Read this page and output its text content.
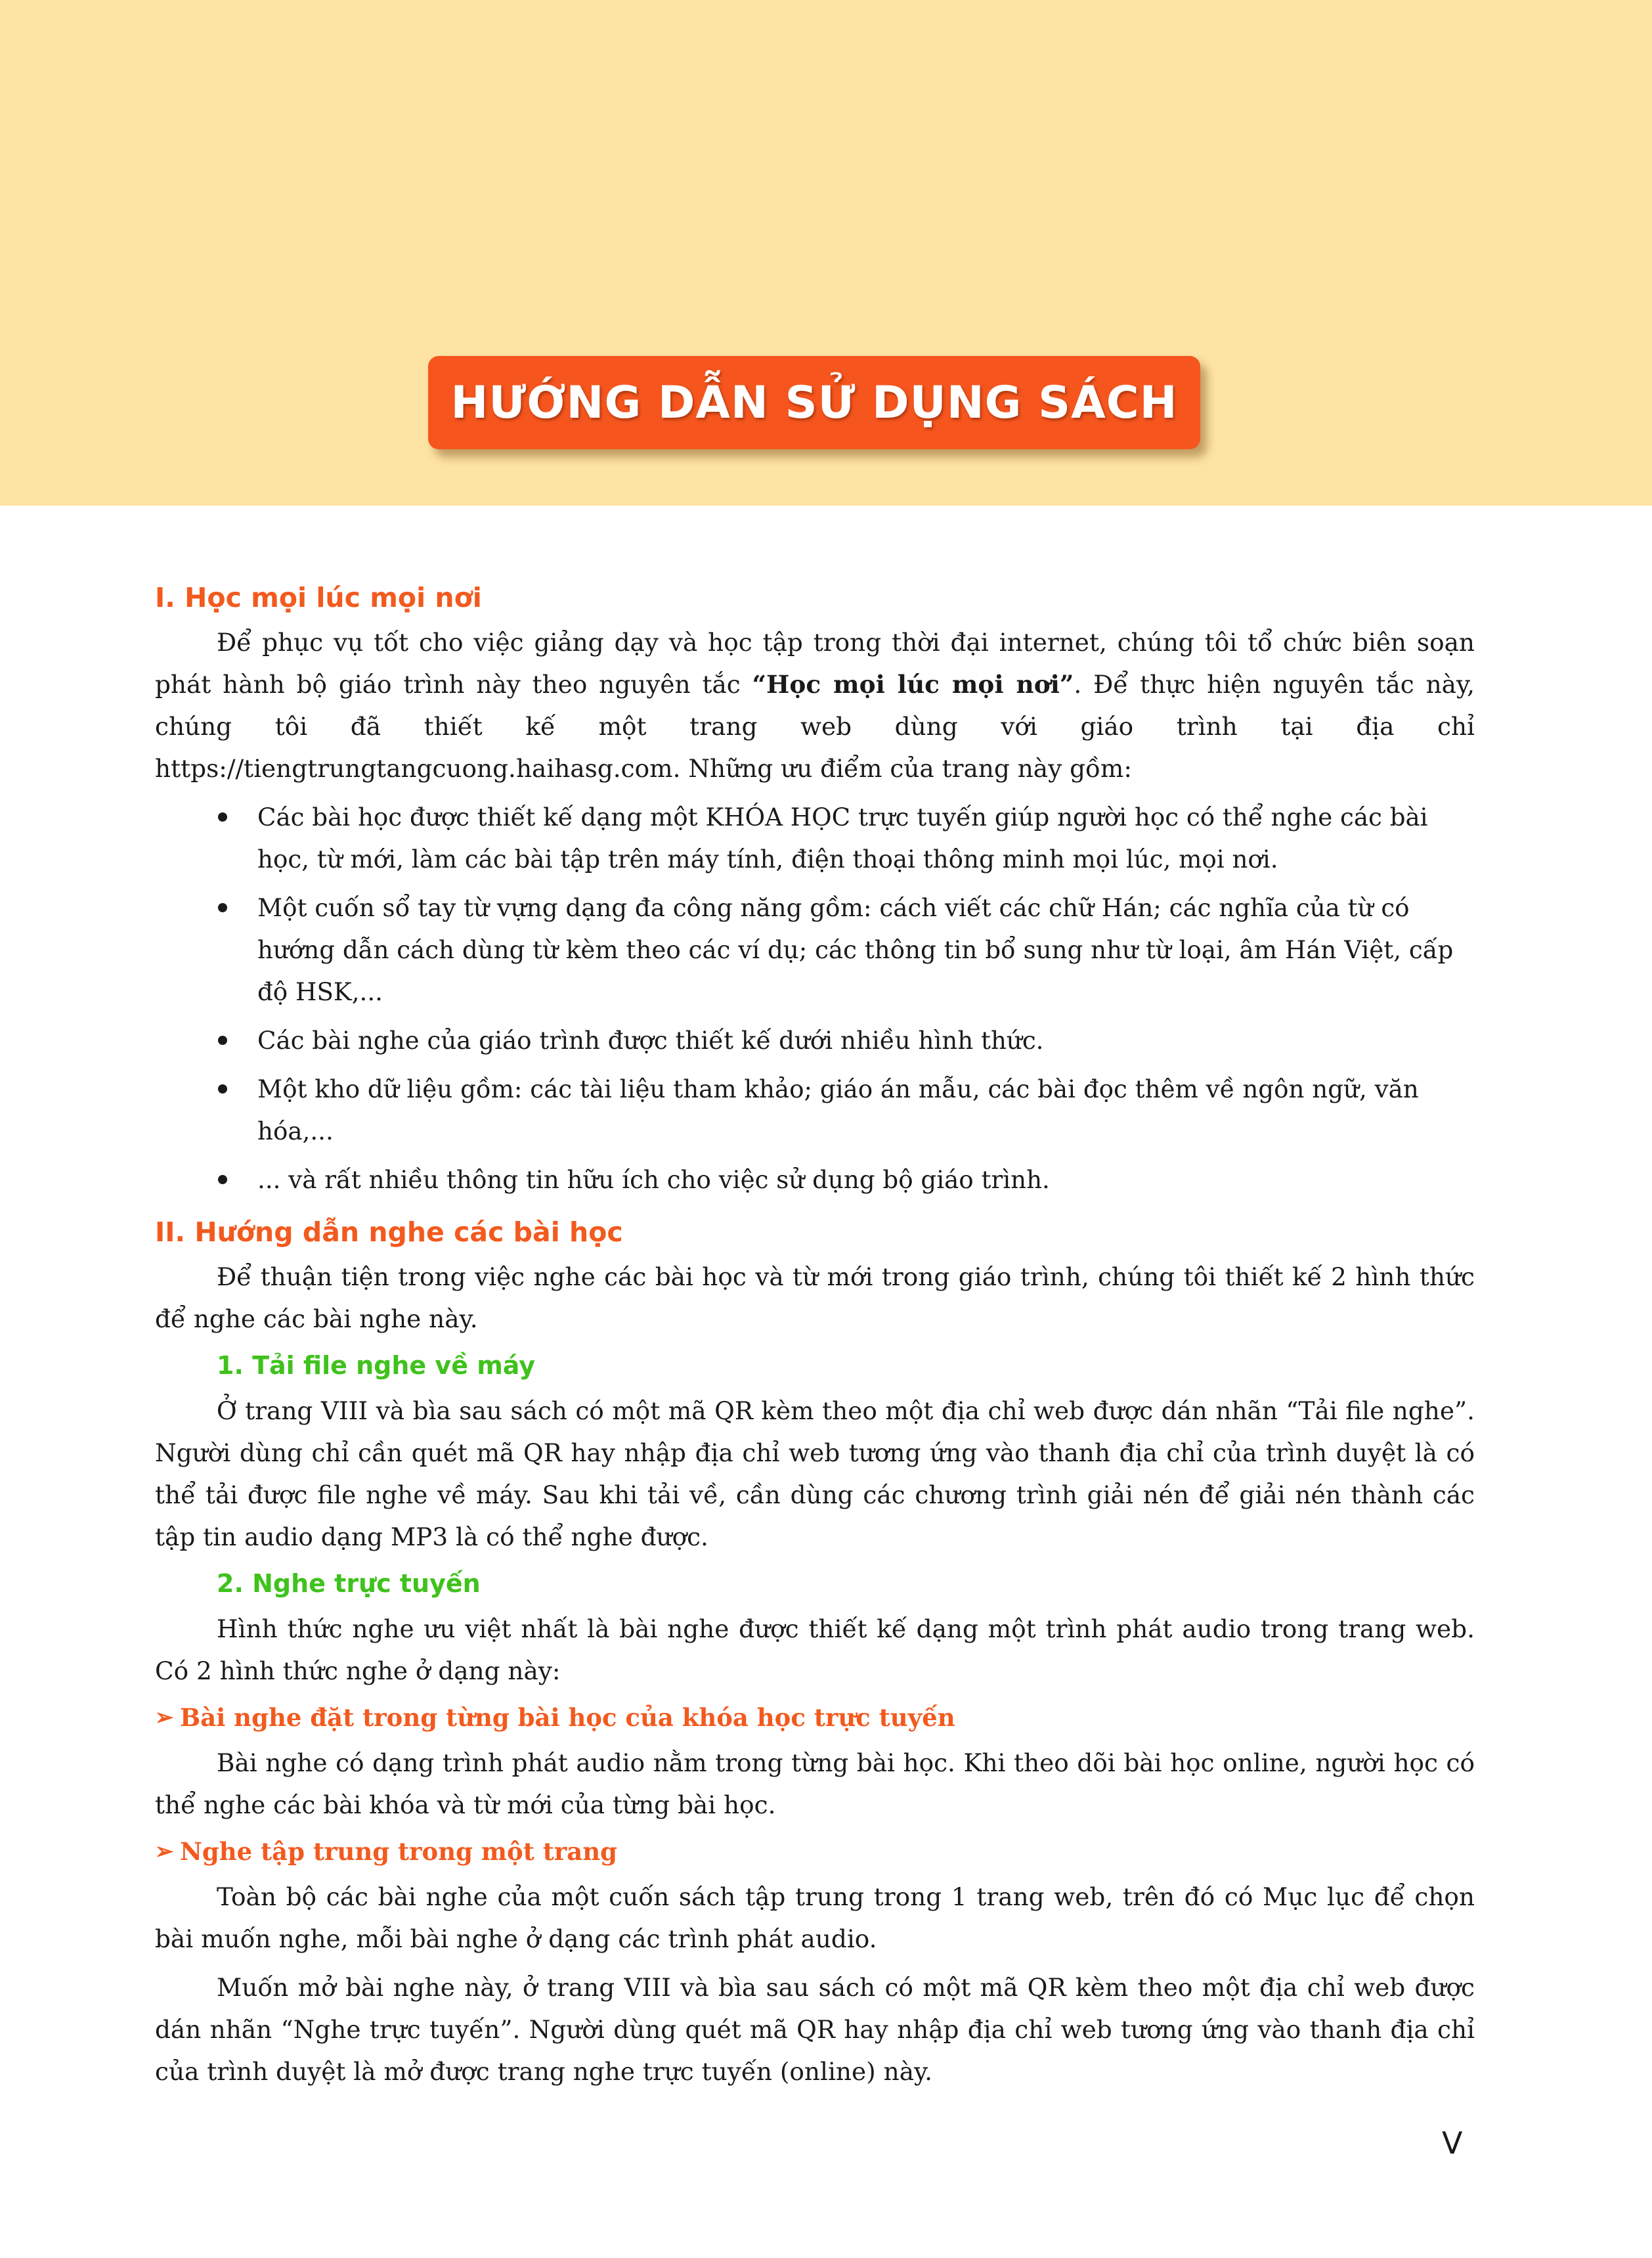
HƯỚNG DẪN SỬ DỤNG SÁCH
I. Học mọi lúc mọi nơi

Để phục vụ tốt cho việc giảng dạy và học tập trong thời đại internet, chúng tôi tổ chức biên soạn phát hành bộ giáo trình này theo nguyên tắc “Học mọi lúc mọi nơi”. Để thực hiện nguyên tắc này, chúng tôi đã thiết kế một trang web dùng với giáo trình tại địa chỉ https://tiengtrungtangcuong.haihasg.com. Những ưu điểm của trang này gồm:

Các bài học được thiết kế dạng một KHÓA HỌC trực tuyến giúp người học có thể nghe các bài học, từ mới, làm các bài tập trên máy tính, điện thoại thông minh mọi lúc, mọi nơi.
Một cuốn sổ tay từ vựng dạng đa công năng gồm: cách viết các chữ Hán; các nghĩa của từ có hướng dẫn cách dùng từ kèm theo các ví dụ; các thông tin bổ sung như từ loại, âm Hán Việt, cấp độ HSK,...
Các bài nghe của giáo trình được thiết kế dưới nhiều hình thức.
Một kho dữ liệu gồm: các tài liệu tham khảo; giáo án mẫu, các bài đọc thêm về ngôn ngữ, văn hóa,...
... và rất nhiều thông tin hữu ích cho việc sử dụng bộ giáo trình.
II. Hướng dẫn nghe các bài học

Để thuận tiện trong việc nghe các bài học và từ mới trong giáo trình, chúng tôi thiết kế 2 hình thức để nghe các bài nghe này.

1. Tải file nghe về máy

Ở trang VIII và bìa sau sách có một mã QR kèm theo một địa chỉ web được dán nhãn “Tải file nghe”. Người dùng chỉ cần quét mã QR hay nhập địa chỉ web tương ứng vào thanh địa chỉ của trình duyệt là có thể tải được file nghe về máy. Sau khi tải về, cần dùng các chương trình giải nén để giải nén thành các tập tin audio dạng MP3 là có thể nghe được.

2. Nghe trực tuyến

Hình thức nghe ưu việt nhất là bài nghe được thiết kế dạng một trình phát audio trong trang web. Có 2 hình thức nghe ở dạng này:

➢ Bài nghe đặt trong từng bài học của khóa học trực tuyến

Bài nghe có dạng trình phát audio nằm trong từng bài học. Khi theo dõi bài học online, người học có thể nghe các bài khóa và từ mới của từng bài học.

➢ Nghe tập trung trong một trang

Toàn bộ các bài nghe của một cuốn sách tập trung trong 1 trang web, trên đó có Mục lục để chọn bài muốn nghe, mỗi bài nghe ở dạng các trình phát audio.

Muốn mở bài nghe này, ở trang VIII và bìa sau sách có một mã QR kèm theo một địa chỉ web được dán nhãn “Nghe trực tuyến”. Người dùng quét mã QR hay nhập địa chỉ web tương ứng vào thanh địa chỉ của trình duyệt là mở được trang nghe trực tuyến (online) này.

V
